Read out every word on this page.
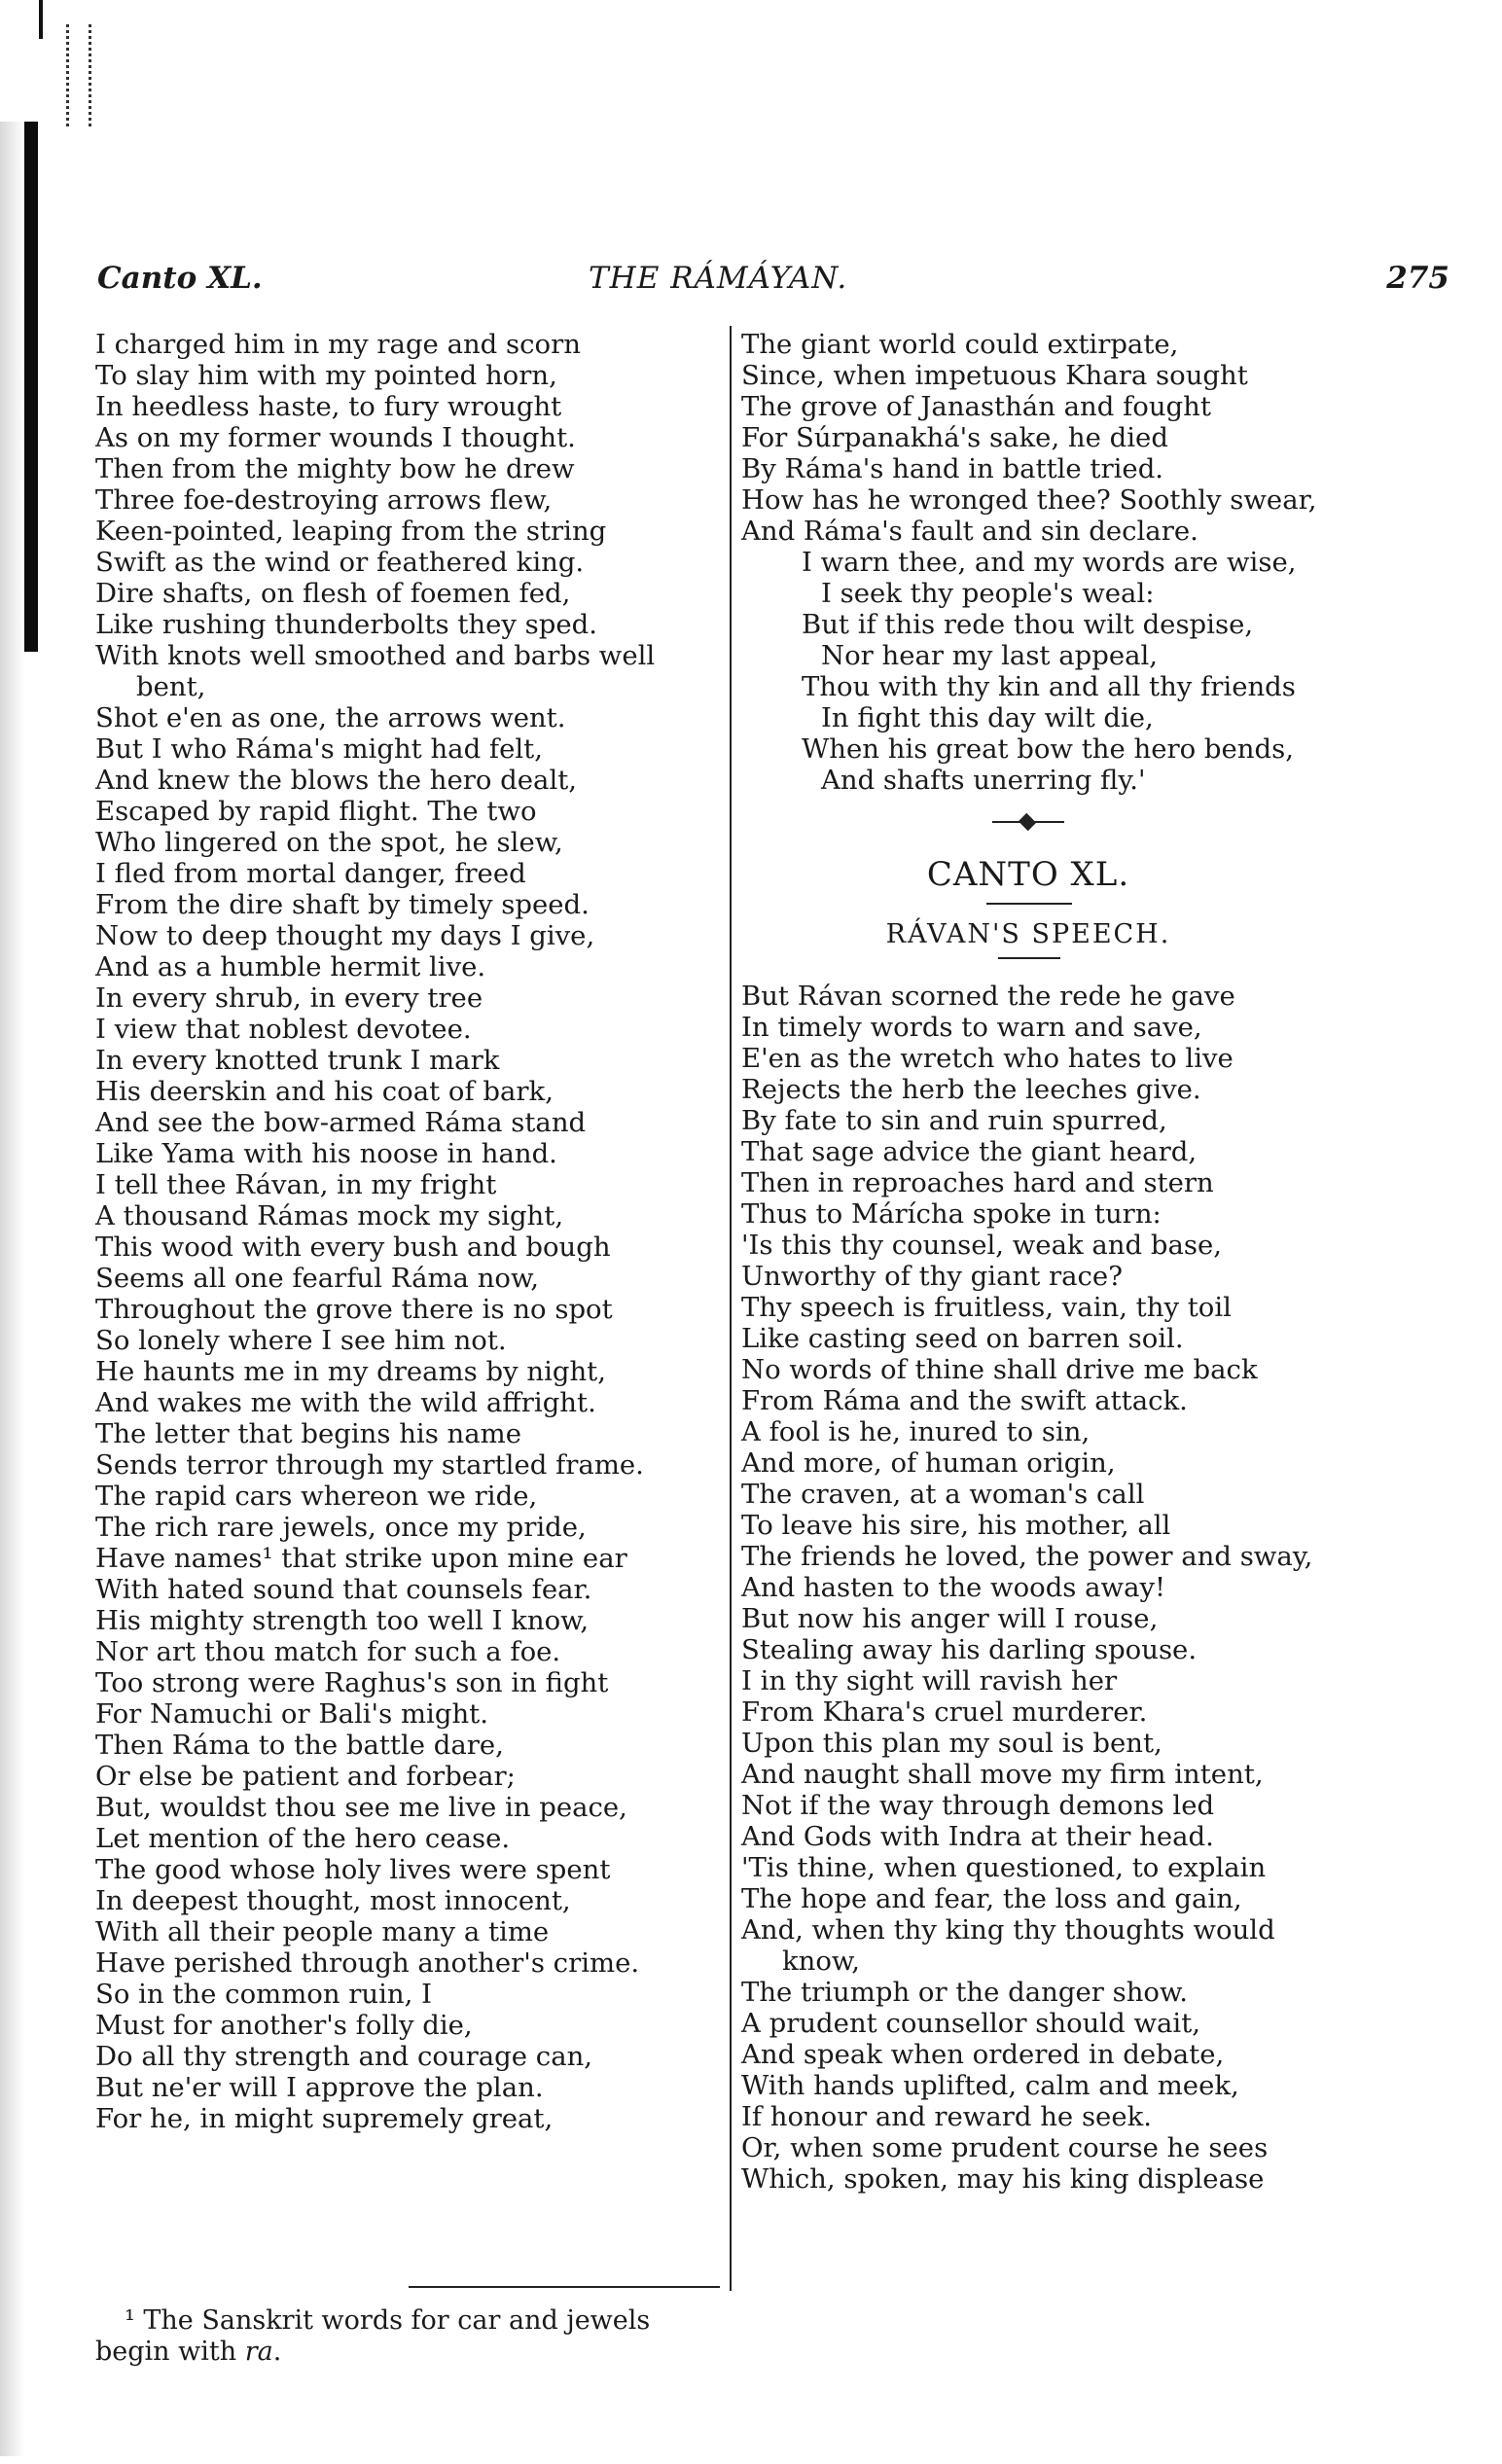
Canto XL.	THE RÁMÁYAN.	275
I charged him in my rage and scorn
To slay him with my pointed horn,
In heedless haste, to fury wrought
As on my former wounds I thought.
Then from the mighty bow he drew
Three foe-destroying arrows flew,
Keen-pointed, leaping from the string
Swift as the wind or feathered king.
Dire shafts, on flesh of foemen fed,
Like rushing thunderbolts they sped.
With knots well smoothed and barbs well
bent,
Shot e'en as one, the arrows went.
But I who Ráma's might had felt,
And knew the blows the hero dealt,
Escaped by rapid flight. The two
Who lingered on the spot, he slew,
I fled from mortal danger, freed
From the dire shaft by timely speed.
Now to deep thought my days I give,
And as a humble hermit live.
In every shrub, in every tree
I view that noblest devotee.
In every knotted trunk I mark
His deerskin and his coat of bark,
And see the bow-armed Ráma stand
Like Yama with his noose in hand.
I tell thee Rávan, in my fright
A thousand Rámas mock my sight,
This wood with every bush and bough
Seems all one fearful Ráma now,
Throughout the grove there is no spot
So lonely where I see him not.
He haunts me in my dreams by night,
And wakes me with the wild affright.
The letter that begins his name
Sends terror through my startled frame.
The rapid cars whereon we ride,
The rich rare jewels, once my pride,
Have names¹ that strike upon mine ear
With hated sound that counsels fear.
His mighty strength too well I know,
Nor art thou match for such a foe.
Too strong were Raghus's son in fight
For Namuchi or Bali's might.
Then Ráma to the battle dare,
Or else be patient and forbear;
But, wouldst thou see me live in peace,
Let mention of the hero cease.
The good whose holy lives were spent
In deepest thought, most innocent,
With all their people many a time
Have perished through another's crime.
So in the common ruin, I
Must for another's folly die,
Do all thy strength and courage can,
But ne'er will I approve the plan.
For he, in might supremely great,
The giant world could extirpate,
Since, when impetuous Khara sought
The grove of Janasthán and fought
For Súrpanakhá's sake, he died
By Ráma's hand in battle tried.
How has he wronged thee? Soothly swear,
And Ráma's fault and sin declare.
I warn thee, and my words are wise,
I seek thy people's weal:
But if this rede thou wilt despise,
Nor hear my last appeal,
Thou with thy kin and all thy friends
In fight this day wilt die,
When his great bow the hero bends,
And shafts unerring fly.'
CANTO XL.
RÁVAN'S SPEECH.
But Rávan scorned the rede he gave
In timely words to warn and save,
E'en as the wretch who hates to live
Rejects the herb the leeches give.
By fate to sin and ruin spurred,
That sage advice the giant heard,
Then in reproaches hard and stern
Thus to Márícha spoke in turn:
'Is this thy counsel, weak and base,
Unworthy of thy giant race?
Thy speech is fruitless, vain, thy toil
Like casting seed on barren soil.
No words of thine shall drive me back
From Ráma and the swift attack.
A fool is he, inured to sin,
And more, of human origin,
The craven, at a woman's call
To leave his sire, his mother, all
The friends he loved, the power and sway,
And hasten to the woods away!
But now his anger will I rouse,
Stealing away his darling spouse.
I in thy sight will ravish her
From Khara's cruel murderer.
Upon this plan my soul is bent,
And naught shall move my firm intent,
Not if the way through demons led
And Gods with Indra at their head.
'Tis thine, when questioned, to explain
The hope and fear, the loss and gain,
And, when thy king thy thoughts would
know,
The triumph or the danger show.
A prudent counsellor should wait,
And speak when ordered in debate,
With hands uplifted, calm and meek,
If honour and reward he seek.
Or, when some prudent course he sees
Which, spoken, may his king displease
¹ The Sanskrit words for car and jewels
begin with ra.
